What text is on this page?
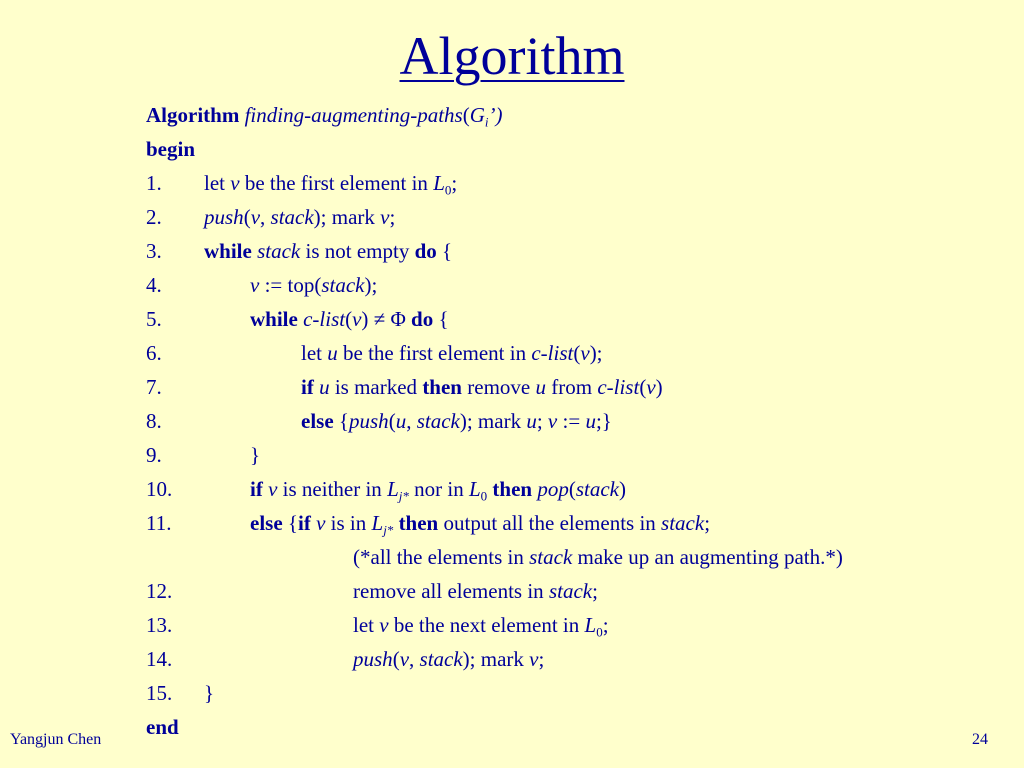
Algorithm
Algorithm finding-$augmenting-paths(G_i’)$
begin
1.	let v be the first element in $L_0$;
2.	push(v, stack); mark v;
3.	while stack is not empty do {
4.	v := top(stack);
5.	while c-list(v) ≠ Φ do {
6.	let u be the first element in c-list(v);
7.	if u is marked then remove u from c-list(v)
8.	else {push(u, stack); mark u; v := u;}
9.	}
10.	if v is neither in $L_{j*}$ nor in $L_0$ then pop(stack)
11.	else {if v is in $L_{j*}$ then output all the elements in stack;
(*all the elements in stack make up an augmenting path.*)
12.	remove all elements in stack;
13.	let v be the next element in $L_0$;
14.	push(v, stack); mark v;
15.	}
end
Yangjun Chen	24
